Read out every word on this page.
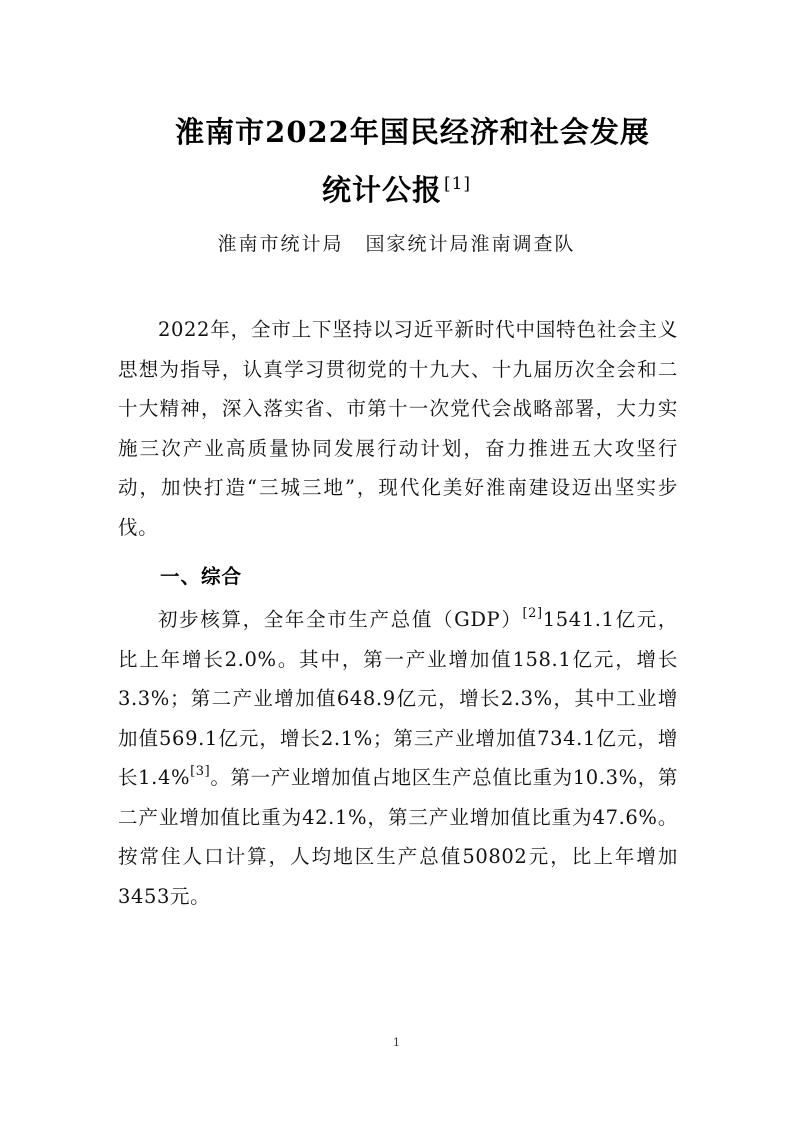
淮南市2022年国民经济和社会发展
统计公报 [1]
淮南市统计局 国家统计局淮南调查队

2022年，全市上下坚持以习近平新时代中国特色社会主义思想为指导，认真学习贯彻党的十九大、十九届历次全会和二十大精神，深入落实省、市第十一次党代会战略部署，大力实施三次产业高质量协同发展行动计划，奋力推进五大攻坚行动，加快打造“三城三地”，现代化美好淮南建设迈出坚实步伐。

一、综合

初步核算，全年全市生产总值（GDP）[2]1541.1亿元，比上年增长2.0%。其中，第一产业增加值158.1亿元，增长3.3%；第二产业增加值648.9亿元，增长2.3%，其中工业增加值569.1亿元，增长2.1%；第三产业增加值734.1亿元，增长1.4%[3]。第一产业增加值占地区生产总值比重为10.3%，第二产业增加值比重为42.1%，第三产业增加值比重为47.6%。按常住人口计算，人均地区生产总值50802元，比上年增加3453元。

1
